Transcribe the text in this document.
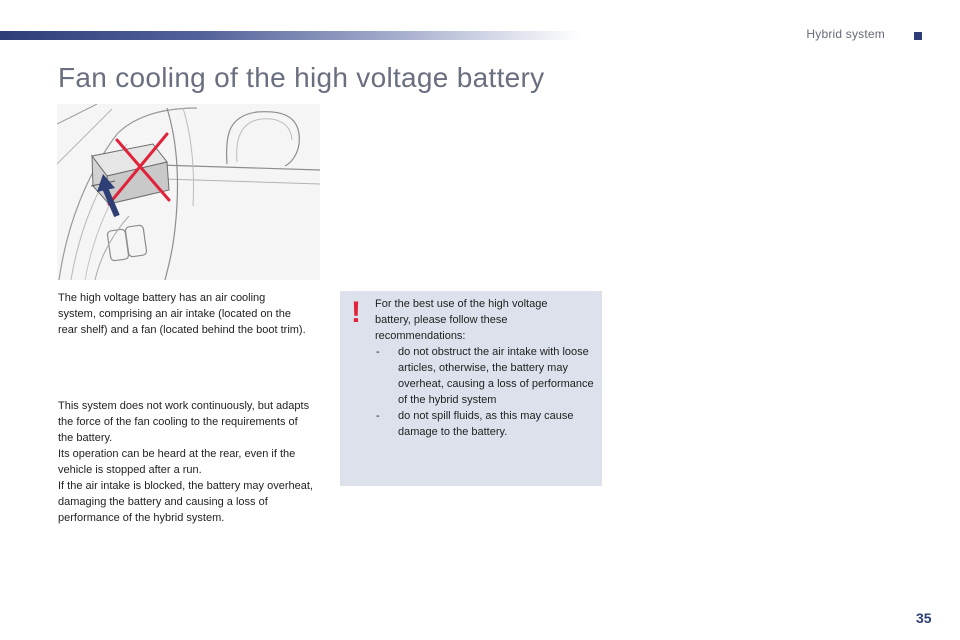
Hybrid system
Fan cooling of the high voltage battery

The high voltage battery has an air cooling system, comprising an air intake (located on the rear shelf) and a fan (located behind the boot trim).

This system does not work continuously, but adapts the force of the fan cooling to the requirements of the battery.
Its operation can be heard at the rear, even if the vehicle is stopped after a run.
If the air intake is blocked, the battery may overheat, damaging the battery and causing a loss of performance of the hybrid system.

! For the best use of the high voltage battery, please follow these recommendations:

- do not obstruct the air intake with loose articles, otherwise, the battery may overheat, causing a loss of performance of the hybrid system
- do not spill fluids, as this may cause damage to the battery.
35
